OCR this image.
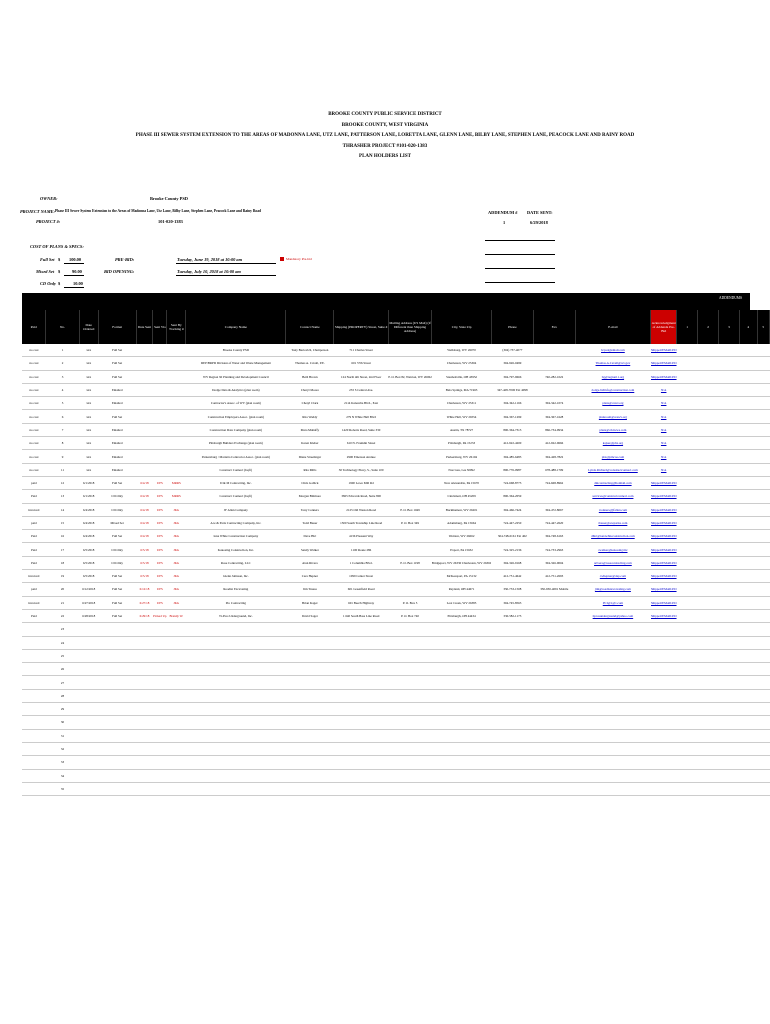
BROOKE COUNTY PUBLIC SERVICE DISTRICT
BROOKE COUNTY, WEST VIRGINIA
PHASE III SEWER SYSTEM EXTENSION TO THE AREAS OF MADONNA LANE, UTZ LANE, PATTERSON LANE, LORETTA LANE, GLENN LANE, BILBY LANE, STEPHEN LANE, PEACOCK LANE AND RAINY ROAD
THRASHER PROJECT #101-020-1383
PLAN HOLDERS LIST
OWNER:	Brooke County PSD
PROJECT NAME: Phase III Sewer System Extension to the Areas of Madonna Lane, Utz Lane, Bilby Lane, Stephen Lane, Peacock Lane and Rainy Road
PROJECT #:	101-020-1383
ADDENDUM #
1
DATE SENT:
6/29/2018
COST OF PLANS & SPECS:
Full Set $ 100.00
Mixed Set $	90.00
CD Only $	10.00
PRE-BID:	Tuesday, June 19, 2018 at 10:00 am
BID OPENING:	Tuesday, July 10, 2018 at 10:00 am
Mandatory Pre-bid
ADDENDUMS
Paid	No.	Date Ordered	Format	Date Sent	Sent Via	Sent By Tracking #	Company Name	Contact Name	Shipping (PROPERTY) Street, Suite #	Mailing Address (US Mail) (if Different than Shipping Address)	City, State Zip	Phone	Fax	E-mail	Acknowledgment of Addenda Pre-Bid	1	2	3	4	5
no cost	1	xxx	Full Set				Brooke County PSD	Tony Bertovich, Chairperson	711 Charles Street		Wellsburg, WV 26070	(304) 737-4077		bcpsd@email.com	Shipped/EMAILED					
no cost	2	xxx	Full Set				DEP/BRPD Division of Water and Waste Management	Thomas A. Cavall, P.E.	601 57th Street		Charleston, WV 25304	304-926-0499		Thomas.A.Cavall@wv.gov	Shipped/EMAILED					
no cost	3	xxx	Full Set				WV Region XI Planning and Development Council	Beth Brown	124 North 4th Street, 2nd Floor	P. O. Box 82, Weirton, WV 26062	Steubenville, OH 43952	304-797-9666	740-282-1022	bg@region11.org	Shipped/EMAILED					
no cost	4	xxx	Emailed				Dodge Data & Analytics (plan room)	Cheryl Moore	233 S Central Ave.		Bala Springs, MA 71963	347-428-7000 Ext 4098		dodge.bidinfo@construction.com	N/A					
no cost	5	xxx	Emailed				Contractor's Assoc. of WV (plan room)	Cheryl Clark	2114 Kanawha Blvd., East		Charleston, WV 25311	304-342-1166	304-342-1074	plans@cawv.org	N/A					
no cost	6	xxx	Full Set				Construction Employers Assoc. (plan room)	Rita Waddy	279 N White Hall Blvd		White Hall, WV 26554	304-367-1299	304-367-1628	planroom@ceawv.org	N/A					
no cost	7	xxx	Emailed				Construction Data Company (plan room)	Mara Mahaffy	1420 Roberts Road, Suite 330		Austin, TX 78727	800-364-7313	866-734-9934	plans@cdcnews.com	N/A					
no cost	8	xxx	Emailed				Pittsburgh Builders Exchange (plan room)	Karen Kleber	610 N. Franklin Street		Pittsburgh, PA 15233	412-922-4200	412-922-9666	kajser@pbx.org	N/A					
no cost	9	xxx	Emailed				Parkersburg / Marietta Contractor Assoc. (plan room)	Diane Streetinger	2900 Emerson Avenue		Parkersburg, WV 26104	304-485-6483	304-428-7822	pbx@pmcaa.com	N/A					
no cost	11	xxx	Emailed				Construct Connect (Isqft)	Rita Mills	30 Technology Pkwy, S., Suite 100		Norcross, GA 30092	800-776-0987	678-488-1709	Lynda.Richard@constructconnect.com	N/A					
paid	12	6/1/2018	Full Set	6/4/18	UPS	MRRS	D & M Contracting, Inc.	Chris Gallick	1900 Lowe Mill Rd		New Alexandria, PA 15670	724-668-8773	724-668-8962	dmcontracting@hotmail.com	Shipped/EMAILED					
Paid	13	6/1/2018	CD Only	6/4/18	UPS	MRRS	Construct Connect (Isqft)	Morgan Bittmore	3825 Edwards Road, Suite 800		Cincinnati, OH 45209	800-364-2059		services@constructconnect.com	Shipped/EMAILED					
invoiced	14	6/4/2018	CD Only	6/4/18	UPS	JKG	JF Allen Company	Tony Conners	2125 Old Weston Road	P. O. Box 1049	Buckhannon, WV 26201	304-466-7424	304-472-8067	tconners@jfallen.com	Shipped/EMAILED					
paid	15	6/4/2018	Mixed Set	6/4/18	UPS	JKG	Ace & Paris Contracting Company, Inc.	Todd Bauer	1500 South Township Line Road	P. O. Box 349	Adamsburg, PA 15664	724-447-2250	724-447-2620	tbauer@acepariss.com	Shipped/EMAILED					
Paid	16	6/4/2018	Full Set	6/4/18	UPS	JKG	Iona White Construction Company	Dave Hirt	4136 Pleasant Way		Weirton, WV 26062	304-748-0161 Ext 402	304-748-6163	dhirt@ionawhiteconstruction.com	Shipped/EMAILED					
Paid	17	6/5/2018	CD Only	6/5/18	UPS	JKG	Kokosing Construction, Inc.	Sandy Walker	1100 Route 286		Export, PA 15632	724-325-2136	724-733-2963	swalker@kokosing.biz	Shipped/EMAILED					
Paid	18	6/5/2018	CD Only	6/5/18	UPS	JKG	Rose Contracting, LLC	Alan Rivera	1 Columbia Blvd.	P. O. Box 1198	Bridgeport, WV 26330 Charleston, WV 26360	304-326-9168	304-326-9004	arivera@rosecontracting.com	Shipped/EMAILED					
invoiced	19	6/5/2018	Full Set	6/5/18	UPS	JKG	Glenn Johnson, Inc.	Cara Hepner	1099 Center Street		McKeesport, PA 15132	412-751-4642	412-751-2693	cwhepner@dep.com	Shipped/EMAILED					
paid	20	6/12/2018	Full Set	6/12/18	UPS	JKG	Roadist Excavating	Jim Truesa	601 Greenfield Road		Rayland, OH 44671	330-733-1508	330-930-4091 Mobile	jim@roadistexcavating.com	Shipped/EMAILED					
invoiced	21	6/27/2018	Full Set	6/27/18	UPS	JKG	Pro Contracting	Brian Kager	601 Beech Highway	P. O. Box 5	Lost Creek, WV 26385	304-745-8563		PCI@1@1.com	Shipped/EMAILED					
Paid	22	6/28/2018	Full Set	6/29/18	Picked Up	Brandy W.	Ti-Pros Underground, Inc.	David Sager	1 640 South Bass Line Road	P. O. Box 740	Pittsburgh, OH 44434	330-582-1173		tiprosunderground@yahoo.com	Shipped/EMAILED					
	23																			
	24																			
	25																			
	26																			
	27																			
	28																			
	29																			
	30																			
	31																			
	32																			
	33																			
	34																			
	35																			
